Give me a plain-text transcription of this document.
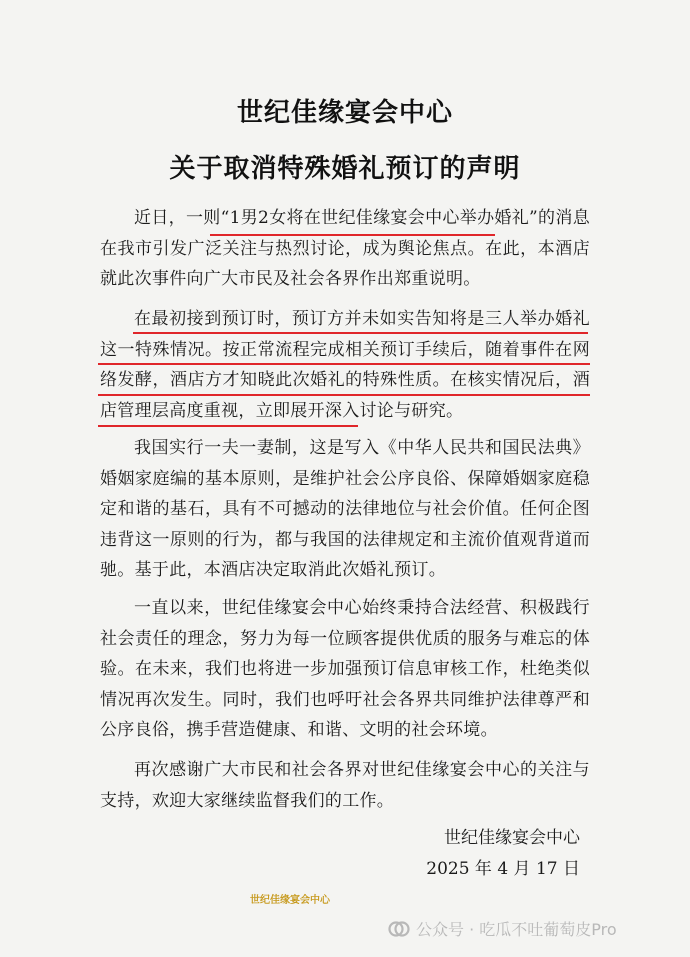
世纪佳缘宴会中心
关于取消特殊婚礼预订的声明

近日，一则“1男2女将在世纪佳缘宴会中心举办婚礼”的消息在我市引发广泛关注与热烈讨论，成为舆论焦点。在此，本酒店就此次事件向广大市民及社会各界作出郑重说明。

在最初接到预订时，预订方并未如实告知将是三人举办婚礼这一特殊情况。按正常流程完成相关预订手续后，随着事件在网络发酵，酒店方才知晓此次婚礼的特殊性质。在核实情况后，酒店管理层高度重视，立即展开深入讨论与研究。

我国实行一夫一妻制，这是写入《中华人民共和国民法典》婚姻家庭编的基本原则，是维护社会公序良俗、保障婚姻家庭稳定和谐的基石，具有不可撼动的法律地位与社会价值。任何企图违背这一原则的行为，都与我国的法律规定和主流价值观背道而驰。基于此，本酒店决定取消此次婚礼预订。

一直以来，世纪佳缘宴会中心始终秉持合法经营、积极践行社会责任的理念，努力为每一位顾客提供优质的服务与难忘的体验。在未来，我们也将进一步加强预订信息审核工作，杜绝类似情况再次发生。同时，我们也呼吁社会各界共同维护法律尊严和公序良俗，携手营造健康、和谐、文明的社会环境。

再次感谢广大市民和社会各界对世纪佳缘宴会中心的关注与支持，欢迎大家继续监督我们的工作。

世纪佳缘宴会中心
2025 年 4 月 17 日
世纪佳缘宴会中心
公众号 · 吃瓜不吐葡萄皮Pro
